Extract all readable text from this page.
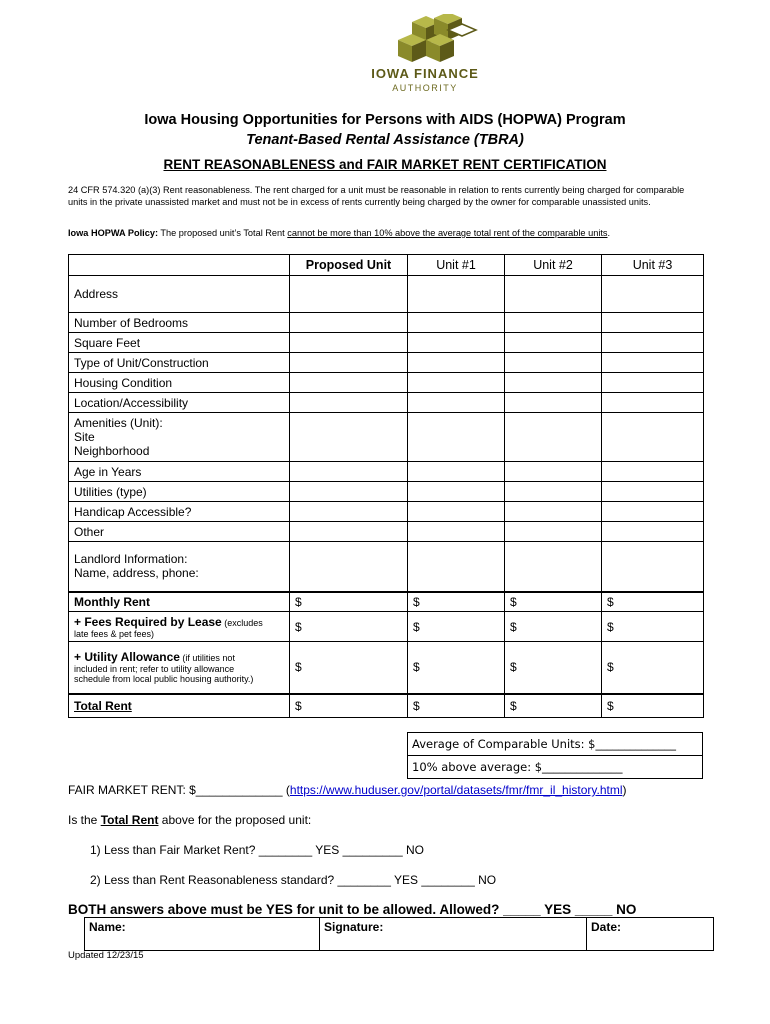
IOWA FINANCE
AUTHORITY
Iowa Housing Opportunities for Persons with AIDS (HOPWA) Program
Tenant-Based Rental Assistance (TBRA)
RENT REASONABLENESS and FAIR MARKET RENT CERTIFICATION
24 CFR 574.320 (a)(3) Rent reasonableness. The rent charged for a unit must be reasonable in relation to rents currently being charged for comparable units in the private unassisted market and must not be in excess of rents currently being charged by the owner for comparable unassisted units.
Iowa HOPWA Policy: The proposed unit’s Total Rent cannot be more than 10% above the average total rent of the comparable units.
	Proposed Unit	Unit #1	Unit #2	Unit #3
Address				
Number of Bedrooms				
Square Feet				
Type of Unit/Construction				
Housing Condition				
Location/Accessibility				

Amenities (Unit):
Site
Neighborhood				

Age in Years				
Utilities (type)				
Handicap Accessible?				
Other				

Landlord Information:
Name, address, phone:				

Monthly Rent	$	$	$	$

+ Fees Required by Lease (excludes
late fees & pet fees)	$	$	$	$

+ Utility Allowance (if utilities not
included in rent; refer to utility allowance
schedule from local public housing authority.)	$	$	$	$
Total Rent	$	$	$	$
Average of Comparable Units: $______________
10% above average: $______________
FAIR MARKET RENT: $_____________ (https://www.huduser.gov/portal/datasets/fmr/fmr_il_history.html)
Is the Total Rent above for the proposed unit:
1) Less than Fair Market Rent? ________ YES _________ NO
2) Less than Rent Reasonableness standard? ________ YES ________ NO
BOTH answers above must be YES for unit to be allowed. Allowed? _____ YES _____ NO
Name:	Signature:	Date:
Updated 12/23/15
